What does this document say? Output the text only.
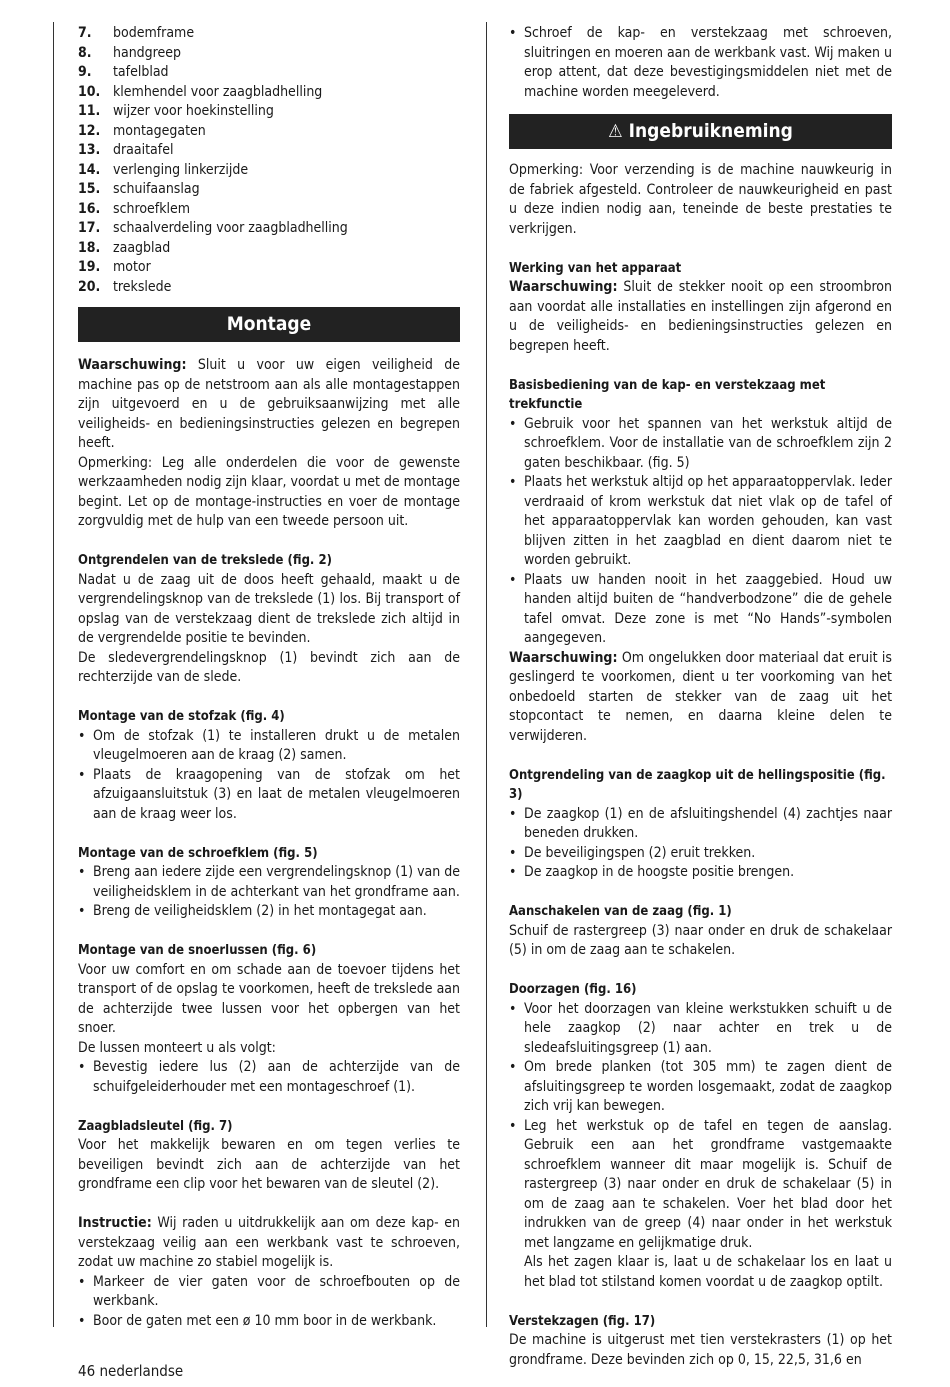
7.	bodemframe
8.	handgreep
9.	tafelblad
10. klemhendel voor zaagbladhelling
11. wijzer voor hoekinstelling
12. montagegaten
13. draaitafel
14. verlenging linkerzijde
15. schuifaanslag
16. schroefklem
17. schaalverdeling voor zaagbladhelling
18. zaagblad
19. motor
20. trekslede
Montage

Waarschuwing: Sluit u voor uw eigen veiligheid de machine pas op de netstroom aan als alle montagestappen zijn uitgevoerd en u de gebruiksaanwijzing met alle veiligheids- en bedieningsinstructies gelezen en begrepen heeft.

Opmerking: Leg alle onderdelen die voor de gewenste werkzaamheden nodig zijn klaar, voordat u met de montage begint. Let op de montage-instructies en voer de montage zorgvuldig met de hulp van een tweede persoon uit.

Ontgrendelen van de trekslede (fig. 2)

Nadat u de zaag uit de doos heeft gehaald, maakt u de vergrendelingsknop van de trekslede (1) los. Bij transport of opslag van de verstekzaag dient de trekslede zich altijd in de vergrendelde positie te bevinden.

De sledevergrendelingsknop (1) bevindt zich aan de rechterzijde van de slede.

Montage van de stofzak (fig. 4)
• Om de stofzak (1) te installeren drukt u de metalen vleugelmoeren aan de kraag (2) samen.
• Plaats de kraagopening van de stofzak om het afzuigaansluitstuk (3) en laat de metalen vleugelmoeren aan de kraag weer los.
Montage van de schroefklem (fig. 5)
• Breng aan iedere zijde een vergrendelingsknop (1) van de veiligheidsklem in de achterkant van het grondframe aan.
• Breng de veiligheidsklem (2) in het montagegat aan.
Montage van de snoerlussen (fig. 6)

Voor uw comfort en om schade aan de toevoer tijdens het transport of de opslag te voorkomen, heeft de trekslede aan de achterzijde twee lussen voor het opbergen van het snoer.

De lussen monteert u als volgt:

• Bevestig iedere lus (2) aan de achterzijde van de schuifgeleiderhouder met een montageschroef (1).
Zaagbladsleutel (fig. 7)

Voor het makkelijk bewaren en om tegen verlies te beveiligen bevindt zich aan de achterzijde van het grondframe een clip voor het bewaren van de sleutel (2).

Instructie: Wij raden u uitdrukkelijk aan om deze kap- en verstekzaag veilig aan een werkbank vast te schroeven, zodat uw machine zo stabiel mogelijk is.

• Markeer de vier gaten voor de schroefbouten op de werkbank.
• Boor de gaten met een ø 10 mm boor in de werkbank.
• Schroef de kap- en verstekzaag met schroeven, sluitringen en moeren aan de werkbank vast. Wij maken u erop attent, dat deze bevestigingsmiddelen niet met de machine worden meegeleverd.
⚠ Ingebruikneming

Opmerking: Voor verzending is de machine nauwkeurig in de fabriek afgesteld. Controleer de nauwkeurigheid en past u deze indien nodig aan, teneinde de beste prestaties te verkrijgen.

Werking van het apparaat

Waarschuwing: Sluit de stekker nooit op een stroombron aan voordat alle installaties en instellingen zijn afgerond en u de veiligheids- en bedieningsinstructies gelezen en begrepen heeft.

Basisbediening van de kap- en verstekzaag met trekfunctie
• Gebruik voor het spannen van het werkstuk altijd de schroefklem. Voor de installatie van de schroefklem zijn 2 gaten beschikbaar. (fig. 5)
• Plaats het werkstuk altijd op het apparaatoppervlak. Ieder verdraaid of krom werkstuk dat niet vlak op de tafel of het apparaatoppervlak kan worden gehouden, kan vast blijven zitten in het zaagblad en dient daarom niet te worden gebruikt.
• Plaats uw handen nooit in het zaaggebied. Houd uw handen altijd buiten de “handverbodzone” die de gehele tafel omvat. Deze zone is met “No Hands”-symbolen aangegeven.

Waarschuwing: Om ongelukken door materiaal dat eruit is geslingerd te voorkomen, dient u ter voorkoming van het onbedoeld starten de stekker van de zaag uit het stopcontact te nemen, en daarna kleine delen te verwijderen.

Ontgrendeling van de zaagkop uit de hellingspositie (fig. 3)
• De zaagkop (1) en de afsluitingshendel (4) zachtjes naar beneden drukken.
• De beveiligingspen (2) eruit trekken.
• De zaagkop in de hoogste positie brengen.
Aanschakelen van de zaag (fig. 1)

Schuif de rastergreep (3) naar onder en druk de schakelaar (5) in om de zaag aan te schakelen.

Doorzagen (fig. 16)
• Voor het doorzagen van kleine werkstukken schuift u de hele zaagkop (2) naar achter en trek u de sledeafsluitingsgreep (1) aan.
• Om brede planken (tot 305 mm) te zagen dient de afsluitingsgreep te worden losgemaakt, zodat de zaagkop zich vrij kan bewegen.
• Leg het werkstuk op de tafel en tegen de aanslag. Gebruik een aan het grondframe vastgemaakte schroefklem wanneer dit maar mogelijk is. Schuif de rastergreep (3) naar onder en druk de schakelaar (5) in om de zaag aan te schakelen. Voer het blad door het indrukken van de greep (4) naar onder in het werkstuk met langzame en gelijkmatige druk.
Als het zagen klaar is, laat u de schakelaar los en laat u het blad tot stilstand komen voordat u de zaagkop optilt.
Verstekzagen (fig. 17)

De machine is uitgerust met tien verstekrasters (1) op het grondframe. Deze bevinden zich op 0, 15, 22,5, 31,6 en

46 nederlandse
